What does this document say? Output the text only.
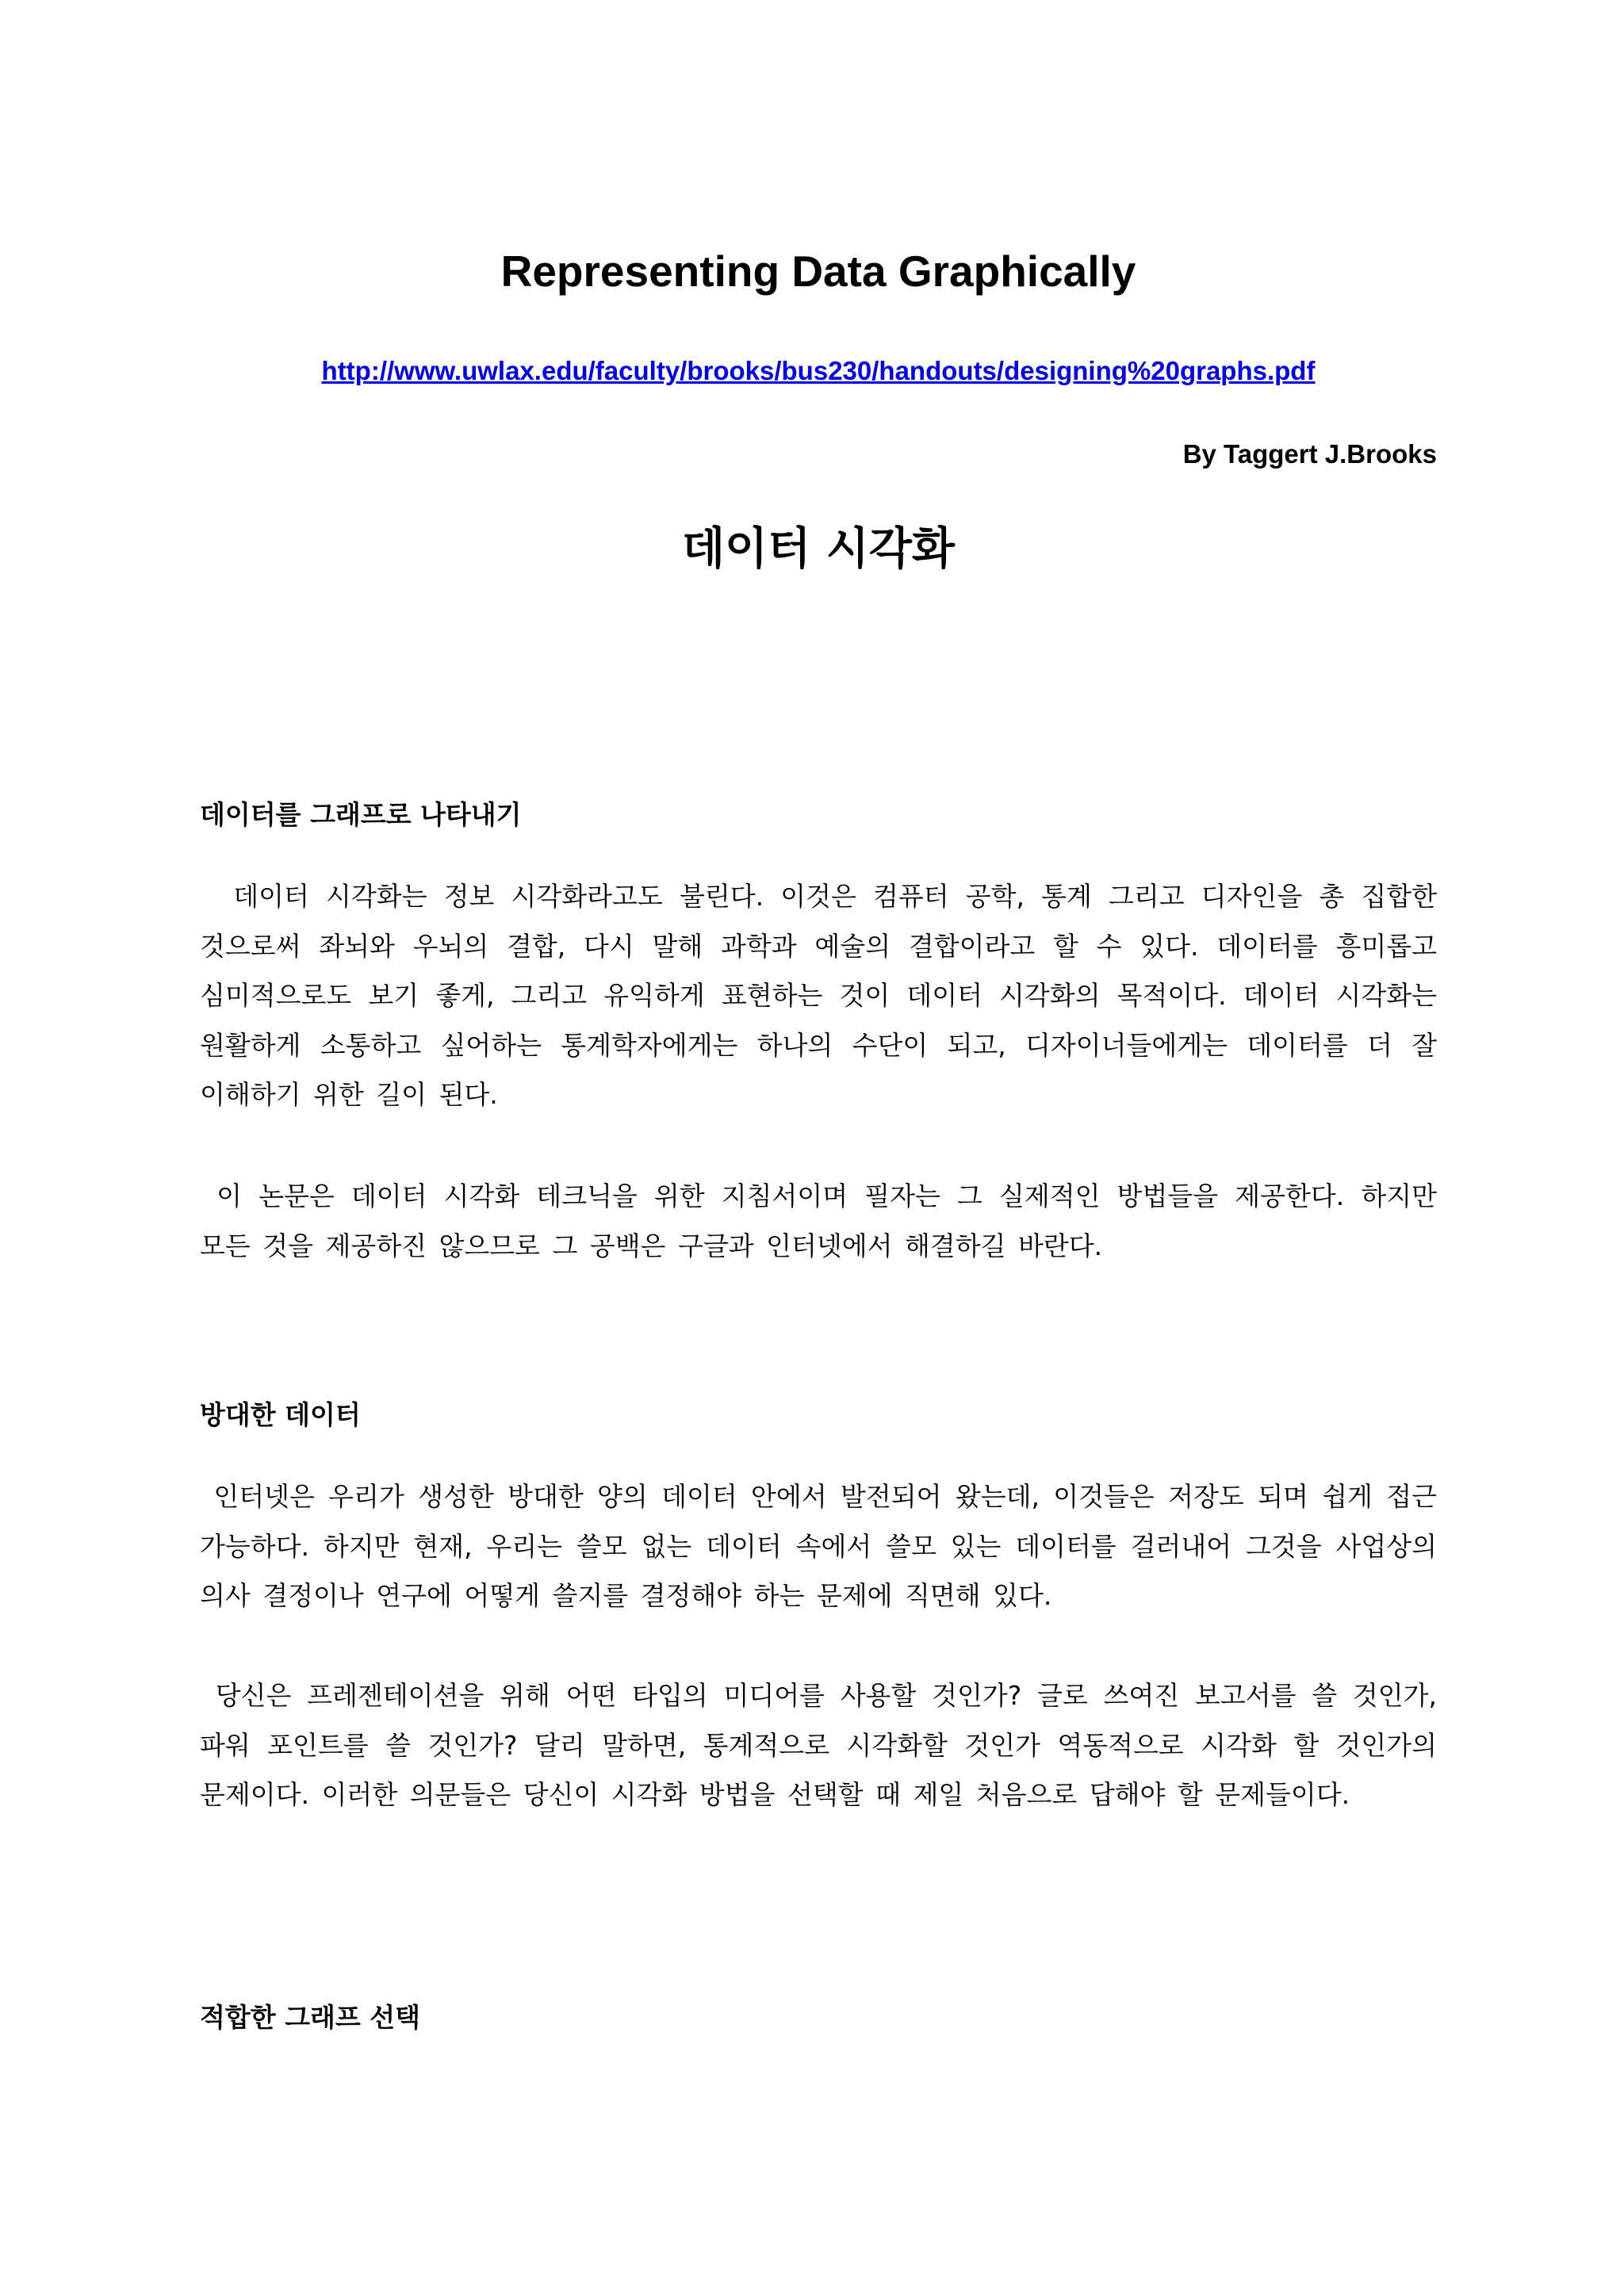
Representing Data Graphically
http://www.uwlax.edu/faculty/brooks/bus230/handouts/designing%20graphs.pdf
By Taggert J.Brooks
데이터 시각화
데이터를 그래프로 나타내기

데이터 시각화는 정보 시각화라고도 불린다. 이것은 컴퓨터 공학, 통계 그리고 디자인을 총 집합한 것으로써 좌뇌와 우뇌의 결합, 다시 말해 과학과 예술의 결합이라고 할 수 있다. 데이터를 흥미롭고 심미적으로도 보기 좋게, 그리고 유익하게 표현하는 것이 데이터 시각화의 목적이다. 데이터 시각화는 원활하게 소통하고 싶어하는 통계학자에게는 하나의 수단이 되고, 디자이너들에게는 데이터를 더 잘 이해하기 위한 길이 된다.

이 논문은 데이터 시각화 테크닉을 위한 지침서이며 필자는 그 실제적인 방법들을 제공한다. 하지만 모든 것을 제공하진 않으므로 그 공백은 구글과 인터넷에서 해결하길 바란다.

방대한 데이터

인터넷은 우리가 생성한 방대한 양의 데이터 안에서 발전되어 왔는데, 이것들은 저장도 되며 쉽게 접근 가능하다. 하지만 현재, 우리는 쓸모 없는 데이터 속에서 쓸모 있는 데이터를 걸러내어 그것을 사업상의 의사 결정이나 연구에 어떻게 쓸지를 결정해야 하는 문제에 직면해 있다.

당신은 프레젠테이션을 위해 어떤 타입의 미디어를 사용할 것인가? 글로 쓰여진 보고서를 쓸 것인가, 파워 포인트를 쓸 것인가? 달리 말하면, 통계적으로 시각화할 것인가 역동적으로 시각화 할 것인가의 문제이다. 이러한 의문들은 당신이 시각화 방법을 선택할 때 제일 처음으로 답해야 할 문제들이다.

적합한 그래프 선택
